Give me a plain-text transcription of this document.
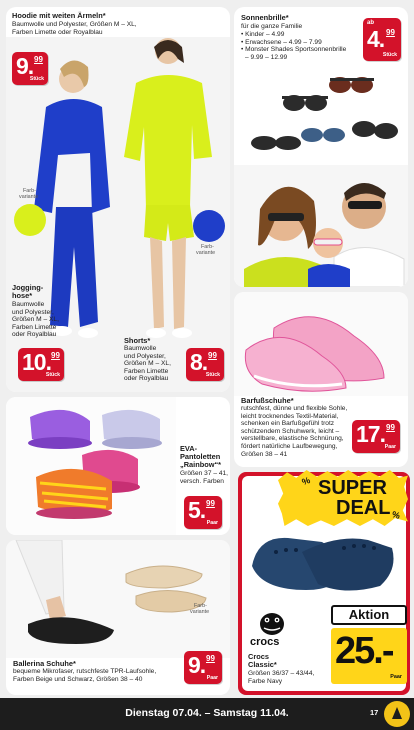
Hoodie mit weiten Ärmeln*
Baumwolle und Polyester, Größen M – XL,
Farben Limette oder Royalblau
Farb-
variante
Farb-
variante
9. 99
Stück
Jogging-
hose*
Baumwolle
und Polyester,
Größen M – XL,
Farben Limette
oder Royalblau
10. 99
Stück
Shorts*
Baumwolle
und Polyester,
Größen M – XL,
Farben Limette
oder Royalblau
8. 99
Stück
Sonnenbrille*
für die ganze Familie
• Kinder – 4.99
• Erwachsene – 4.99 – 7.99
• Monster Shades Sportsonnenbrille
– 9.99 – 12.99
ab
4. 99
Stück
Barfußschuhe*
rutschfest, dünne und flexible Sohle,
leicht trocknendes Textil-Material,
schenken ein Barfußgefühl trotz
schützendem Schuhwerk, leicht –
verstellbare, elastische Schnürung,
fördert natürliche Laufbewegung,
Größen 38 – 41
17. 99
Paar
EVA-
Pantoletten
„Rainbow“*
Größen 37 – 41,
versch. Farben
5. 99
Paar
Farb-
variante
Ballerina Schuhe*
bequeme Mikrofaser, rutschfeste TPR-Laufsohle,
Farben Beige und Schwarz, Größen 38 – 40
9. 99
Paar
Crocs
Classic*
Größen 36/37 – 43/44,
Farbe Navy
crocs
SUPER
DEAL
%
%
Aktion
25.-
Paar
Dienstag 07.04. – Samstag 11.04.	17
